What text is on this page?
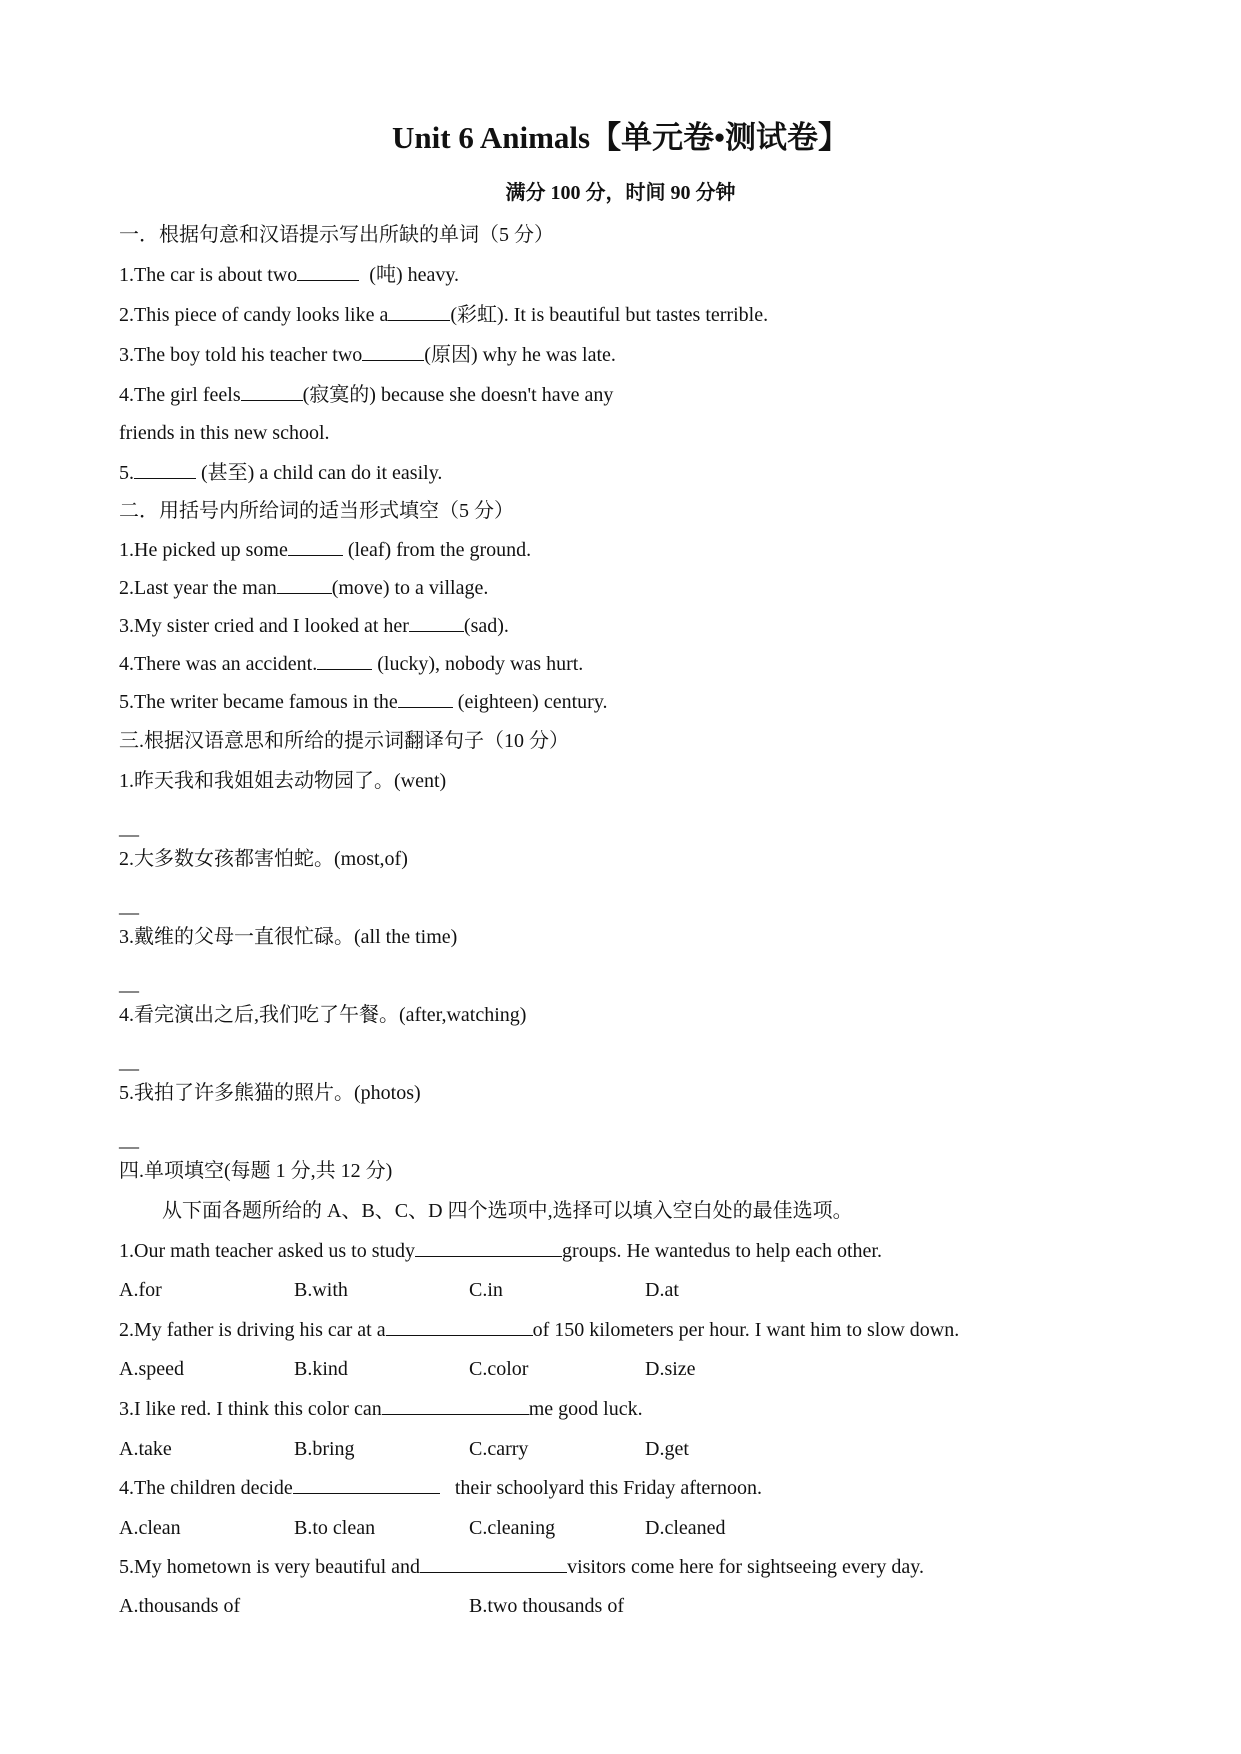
Unit 6 Animals【单元卷•测试卷】
满分 100 分，时间 90 分钟
一．根据句意和汉语提示写出所缺的单词（5 分）
1.The car is about two	(吨) heavy.
2.This piece of candy looks like a	(彩虹). It is beautiful but tastes terrible.
3.The boy told his teacher two	(原因) why he was late.
4.The girl feels	(寂寞的) because she doesn't have any
friends in this new school.
5.	(甚至) a child can do it easily.
二．用括号内所给词的适当形式填空（5 分）
1.He picked up some	(leaf) from the ground.
2.Last year the man	(move) to a village.
3.My sister cried and I looked at her	(sad).
4.There was an accident.	(lucky), nobody was hurt.
5.The writer became famous in the	(eighteen) century.
三.根据汉语意思和所给的提示词翻译句子（10 分）
1.昨天我和我姐姐去动物园了。(went)
__
2.大多数女孩都害怕蛇。(most,of)
__
3.戴维的父母一直很忙碌。(all the time)
__
4.看完演出之后,我们吃了午餐。(after,watching)
__
5.我拍了许多熊猫的照片。(photos)
__
四.单项填空(每题 1 分,共 12 分)
从下面各题所给的 A、B、C、D 四个选项中,选择可以填入空白处的最佳选项。
1.Our math teacher asked us to study	groups. He wantedus to help each other.
A.for	B.with	C.in	D.at
2.My father is driving his car at a	of 150 kilometers per hour. I want him to slow down.
A.speed	B.kind	C.color	D.size
3.I like red. I think this color can	me good luck.
A.take	B.bring	C.carry	D.get
4.The children decide	their schoolyard this Friday afternoon.
A.clean	B.to clean	C.cleaning	D.cleaned
5.My hometown is very beautiful and	visitors come here for sightseeing every day.
A.thousands of	B.two thousands of
